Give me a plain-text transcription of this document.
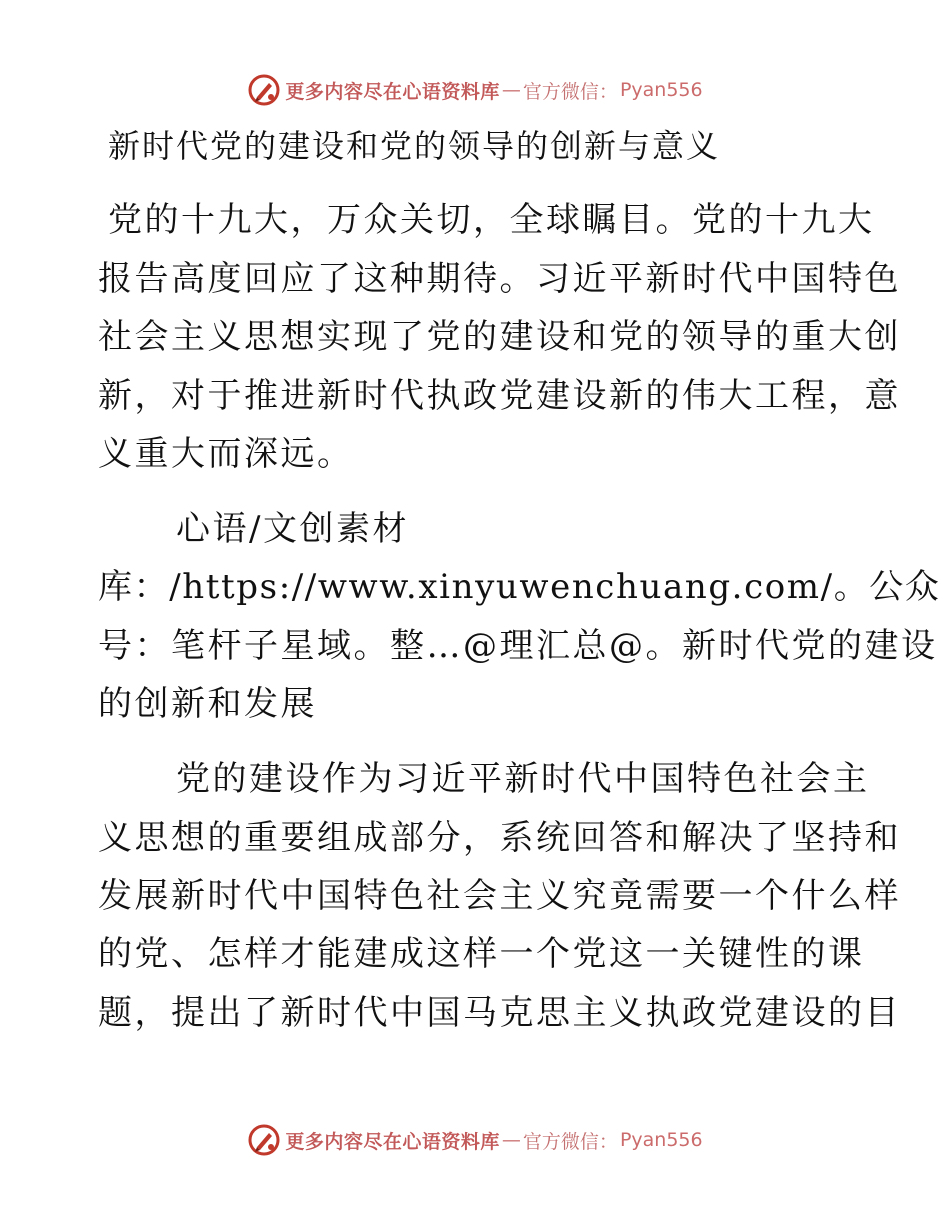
更多内容尽在心语资料库 — 官方微信： Pyan556
新时代党的建设和党的领导的创新与意义
党的十九大，万众关切，全球瞩目。党的十九大
报告高度回应了这种期待。习近平新时代中国特色
社会主义思想实现了党的建设和党的领导的重大创
新，对于推进新时代执政党建设新的伟大工程，意
义重大而深远。
心语/文创素材
库：/https://www.xinyuwenchuang.com/。公众
号：笔杆子星域。整…@理汇总@。新时代党的建设
的创新和发展
党的建设作为习近平新时代中国特色社会主
义思想的重要组成部分，系统回答和解决了坚持和
发展新时代中国特色社会主义究竟需要一个什么样
的党、怎样才能建成这样一个党这一关键性的课
题，提出了新时代中国马克思主义执政党建设的目
更多内容尽在心语资料库 — 官方微信： Pyan556
